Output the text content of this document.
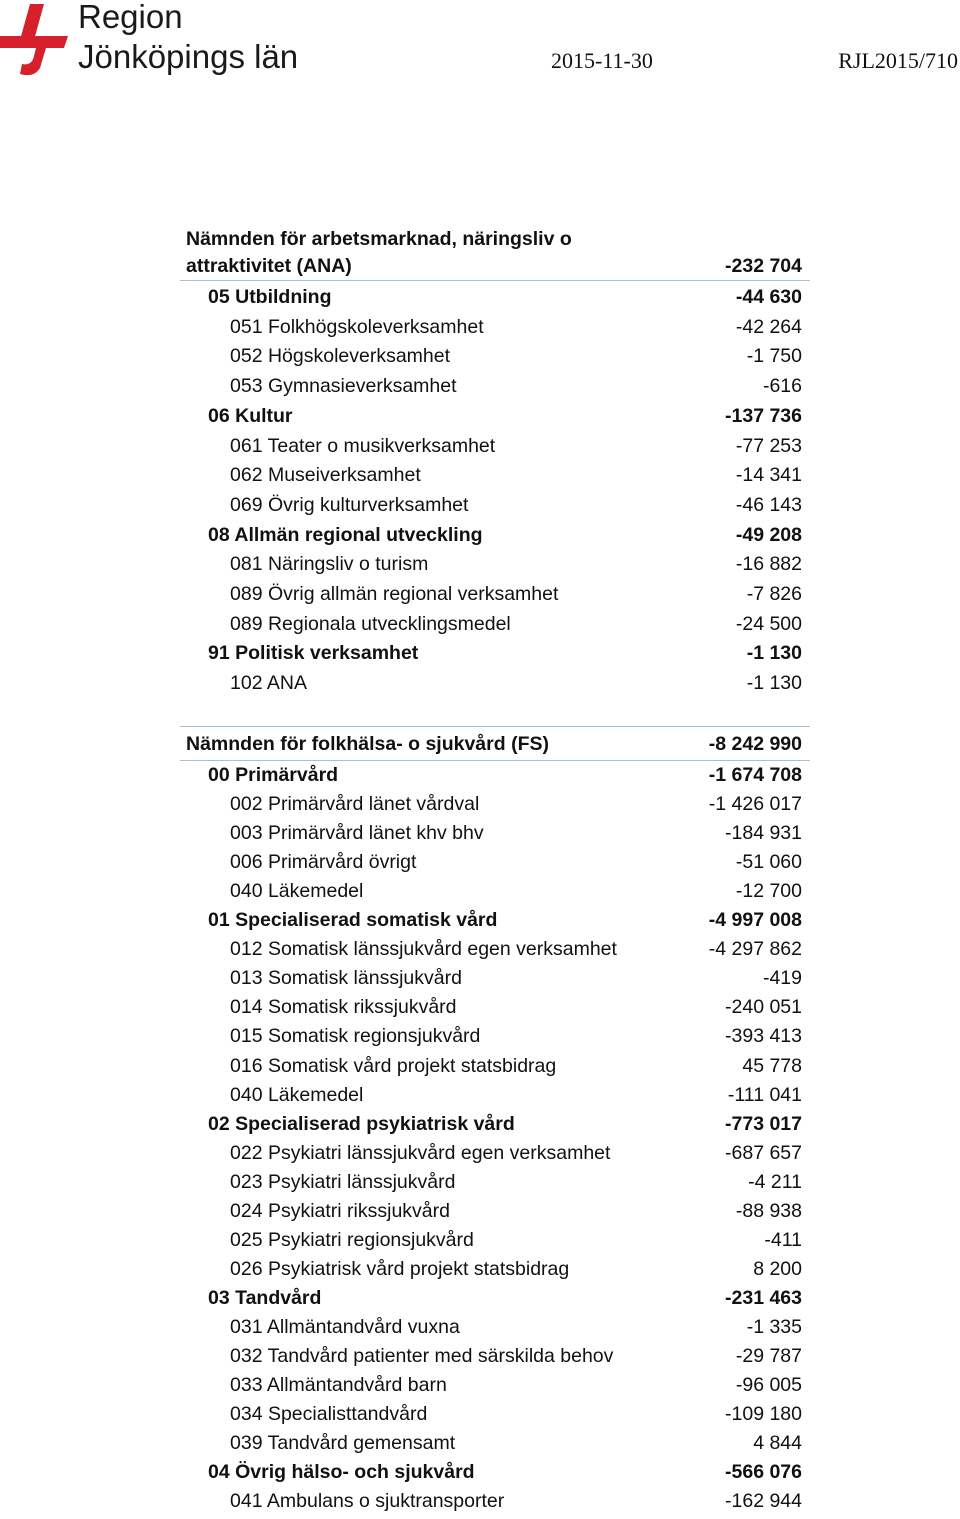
Region
Jönköpings län	2015-11-30	RJL2015/710
Nämnden för arbetsmarknad, näringsliv o
attraktivitet (ANA)	-232 704
05 Utbildning	-44 630
051 Folkhögskoleverksamhet	-42 264
052 Högskoleverksamhet	-1 750
053 Gymnasieverksamhet	-616
06 Kultur	-137 736
061 Teater o musikverksamhet	-77 253
062 Museiverksamhet	-14 341
069 Övrig kulturverksamhet	-46 143
08 Allmän regional utveckling	-49 208
081 Näringsliv o turism	-16 882
089 Övrig allmän regional verksamhet	-7 826
089 Regionala utvecklingsmedel	-24 500
91 Politisk verksamhet	-1 130
102 ANA	-1 130
Nämnden för folkhälsa- o sjukvård (FS)	-8 242 990
00 Primärvård	-1 674 708
002 Primärvård länet vårdval	-1 426 017
003 Primärvård länet khv bhv	-184 931
006 Primärvård övrigt	-51 060
040 Läkemedel	-12 700
01 Specialiserad somatisk vård	-4 997 008
012 Somatisk länssjukvård egen verksamhet	-4 297 862
013 Somatisk länssjukvård	-419
014 Somatisk rikssjukvård	-240 051
015 Somatisk regionsjukvård	-393 413
016 Somatisk vård projekt statsbidrag	45 778
040 Läkemedel	-111 041
02 Specialiserad psykiatrisk vård	-773 017
022 Psykiatri länssjukvård egen verksamhet	-687 657
023 Psykiatri länssjukvård	-4 211
024 Psykiatri rikssjukvård	-88 938
025 Psykiatri regionsjukvård	-411
026 Psykiatrisk vård projekt statsbidrag	8 200
03 Tandvård	-231 463
031 Allmäntandvård vuxna	-1 335
032 Tandvård patienter med särskilda behov	-29 787
033 Allmäntandvård barn	-96 005
034 Specialisttandvård	-109 180
039 Tandvård gemensamt	4 844
04 Övrig hälso- och sjukvård	-566 076
041 Ambulans o sjuktransporter	-162 944
